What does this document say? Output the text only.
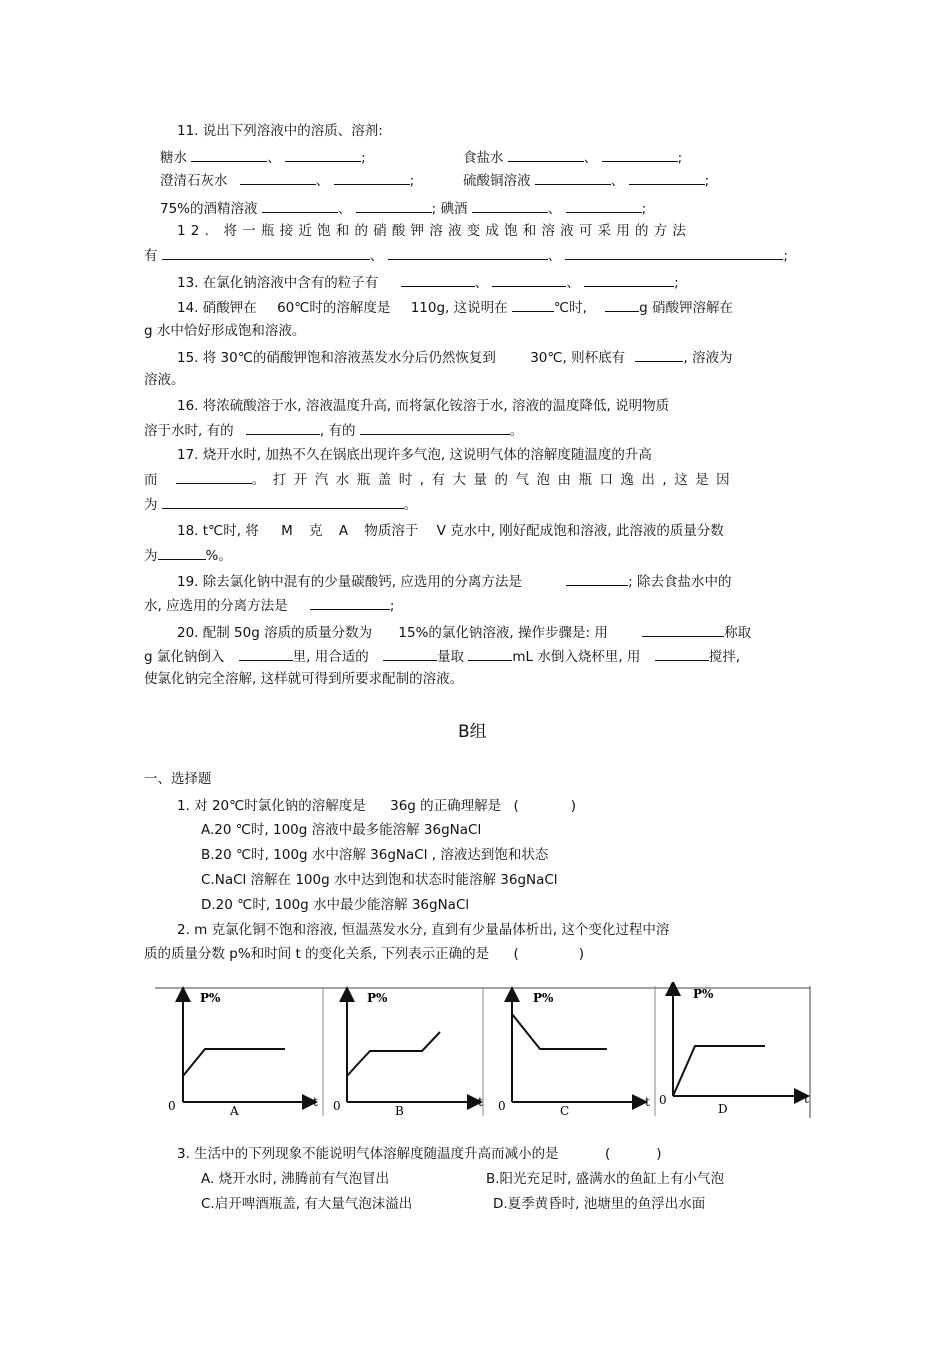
11. 说出下列溶液中的溶质、溶剂:
糖水	、	;	食盐水	、	;
澄清石灰水	、	;	硫酸铜溶液	、	;
75%的酒精溶液	、	; 碘酒	、	;
12. 将一瓶接近饱和的硝酸钾溶液变成饱和溶液可采用的方法
有	、	、	;
13. 在氯化钠溶液中含有的粒子有	、	、	;
14. 硝酸钾在 60℃时的溶解度是 110g, 这说明在	℃时,	g 硝酸钾溶解在
g 水中恰好形成饱和溶液。
15. 将 30℃的硝酸钾饱和溶液蒸发水分后仍然恢复到	30℃, 则杯底有	, 溶液为
溶液。
16. 将浓硫酸溶于水, 溶液温度升高, 而将氯化铵溶于水, 溶液的温度降低, 说明物质
溶于水时, 有的	, 有的	。
17. 烧开水时, 加热不久在锅底出现许多气泡, 这说明气体的溶解度随温度的升高
而	。 打 开 汽 水 瓶 盖 时 , 有 大 量 的 气 泡 由 瓶 口 逸 出 , 这 是 因
为	。
18. t℃时, 将 M 克 A 物质溶于 V 克水中, 刚好配成饱和溶液, 此溶液的质量分数
为	%。
19. 除去氯化钠中混有的少量碳酸钙, 应选用的分离方法是	; 除去食盐水中的
水, 应选用的分离方法是	;
20. 配制 50g 溶质的质量分数为 15%的氯化钠溶液, 操作步骤是: 用	称取
g 氯化钠倒入	里, 用合适的	量取	mL 水倒入烧杯里, 用	搅拌,
使氯化钠完全溶解, 这样就可得到所要求配制的溶液。
B组
一、选择题
1. 对 20℃时氯化钠的溶解度是 36g 的正确理解是 (	)
A.20 ℃时, 100g 溶液中最多能溶解 36gNaCl
B.20 ℃时, 100g 水中溶解 36gNaCl , 溶液达到饱和状态
C.NaCl 溶解在 100g 水中达到饱和状态时能溶解 36gNaCl
D.20 ℃时, 100g 水中最少能溶解 36gNaCl
2. m 克氯化铜不饱和溶液, 恒温蒸发水分, 直到有少量晶体析出, 这个变化过程中溶
质的质量分数 p%和时间 t 的变化关系, 下列表示正确的是 (	)
P%
0	t
A
P%
0	t
B
P%
0	t
C
P%
0	t
D
3. 生活中的下列现象不能说明气体溶解度随温度升高而减小的是	(	)
A. 烧开水时, 沸腾前有气泡冒出	B.阳光充足时, 盛满水的鱼缸上有小气泡
C.启开啤酒瓶盖, 有大量气泡沫溢出	D.夏季黄昏时, 池塘里的鱼浮出水面
